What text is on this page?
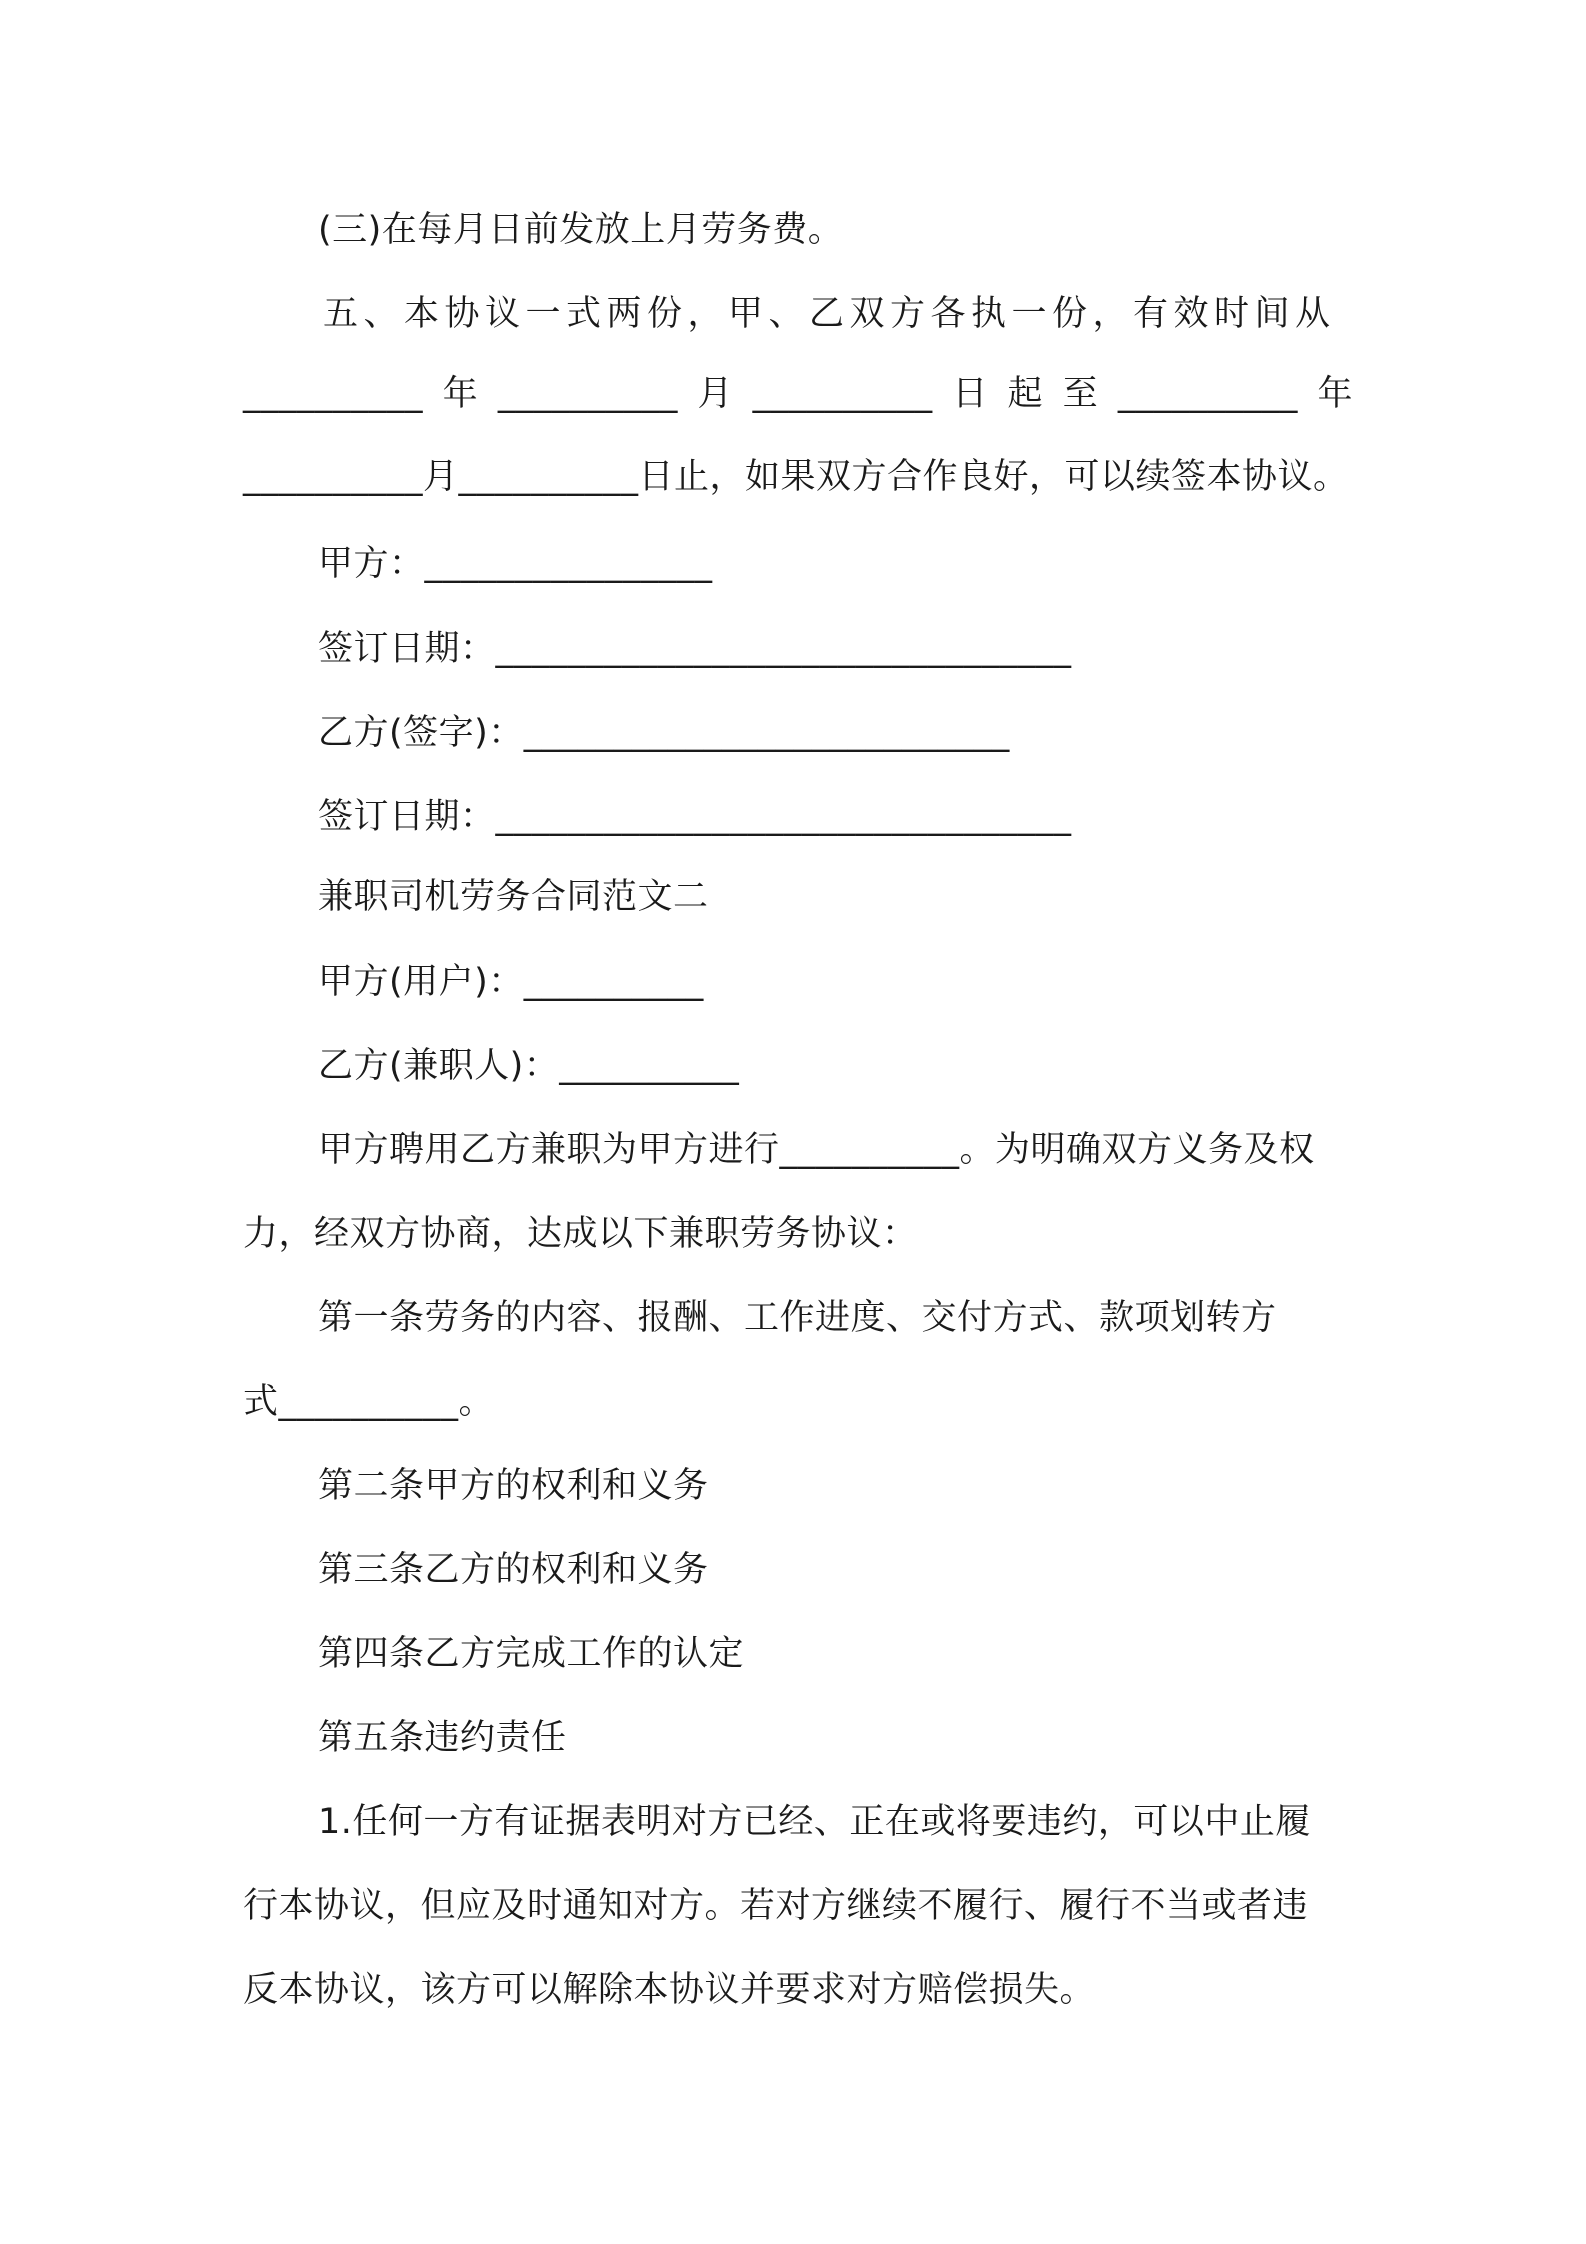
(三)在每月日前发放上月劳务费。
五、本协议一式两份，甲、乙双方各执一份，有效时间从
__________ 年 __________ 月 __________ 日 起 至 __________ 年
__________月__________日止，如果双方合作良好，可以续签本协议。
甲方：________________
签订日期：________________________________
乙方(签字)：___________________________
签订日期：________________________________
兼职司机劳务合同范文二
甲方(用户)：__________
乙方(兼职人)：__________
甲方聘用乙方兼职为甲方进行__________。为明确双方义务及权
力，经双方协商，达成以下兼职劳务协议：
第一条劳务的内容、报酬、工作进度、交付方式、款项划转方
式__________。
第二条甲方的权利和义务
第三条乙方的权利和义务
第四条乙方完成工作的认定
第五条违约责任
1.任何一方有证据表明对方已经、正在或将要违约，可以中止履
行本协议，但应及时通知对方。若对方继续不履行、履行不当或者违
反本协议，该方可以解除本协议并要求对方赔偿损失。
